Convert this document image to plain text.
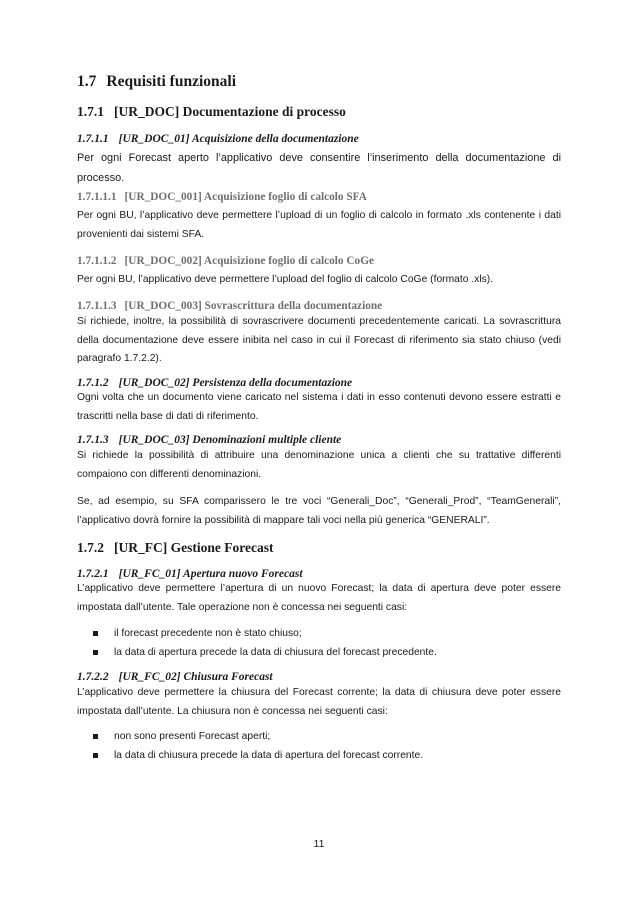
1.7 Requisiti funzionali
1.7.1 [UR_DOC] Documentazione di processo
1.7.1.1 [UR_DOC_01] Acquisizione della documentazione

Per ogni Forecast aperto l’applicativo deve consentire l’inserimento della documentazione di processo.

1.7.1.1.1 [UR_DOC_001] Acquisizione foglio di calcolo SFA

Per ogni BU, l’applicativo deve permettere l’upload di un foglio di calcolo in formato .xls contenente i dati provenienti dai sistemi SFA.

1.7.1.1.2 [UR_DOC_002] Acquisizione foglio di calcolo CoGe

Per ogni BU, l’applicativo deve permettere l’upload del foglio di calcolo CoGe (formato .xls).

1.7.1.1.3 [UR_DOC_003] Sovrascrittura della documentazione

Si richiede, inoltre, la possibilità di sovrascrivere documenti precedentemente caricati. La sovrascrittura della documentazione deve essere inibita nel caso in cui il Forecast di riferimento sia stato chiuso (vedi paragrafo 1.7.2.2).

1.7.1.2 [UR_DOC_02] Persistenza della documentazione

Ogni volta che un documento viene caricato nel sistema i dati in esso contenuti devono essere estratti e trascritti nella base di dati di riferimento.

1.7.1.3 [UR_DOC_03] Denominazioni multiple cliente

Si richiede la possibilità di attribuire una denominazione unica a clienti che su trattative differenti compaiono con differenti denominazioni.

Se, ad esempio, su SFA comparissero le tre voci “Generali_Doc”, “Generali_Prod”, “TeamGenerali”, l’applicativo dovrà fornire la possibilità di mappare tali voci nella più generica “GENERALI”.

1.7.2 [UR_FC] Gestione Forecast
1.7.2.1 [UR_FC_01] Apertura nuovo Forecast

L’applicativo deve permettere l’apertura di un nuovo Forecast; la data di apertura deve poter essere impostata dall’utente. Tale operazione non è concessa nei seguenti casi:

il forecast precedente non è stato chiuso;
la data di apertura precede la data di chiusura del forecast precedente.
1.7.2.2 [UR_FC_02] Chiusura Forecast

L’applicativo deve permettere la chiusura del Forecast corrente; la data di chiusura deve poter essere impostata dall’utente. La chiusura non è concessa nei seguenti casi:

non sono presenti Forecast aperti;
la data di chiusura precede la data di apertura del forecast corrente.

11
